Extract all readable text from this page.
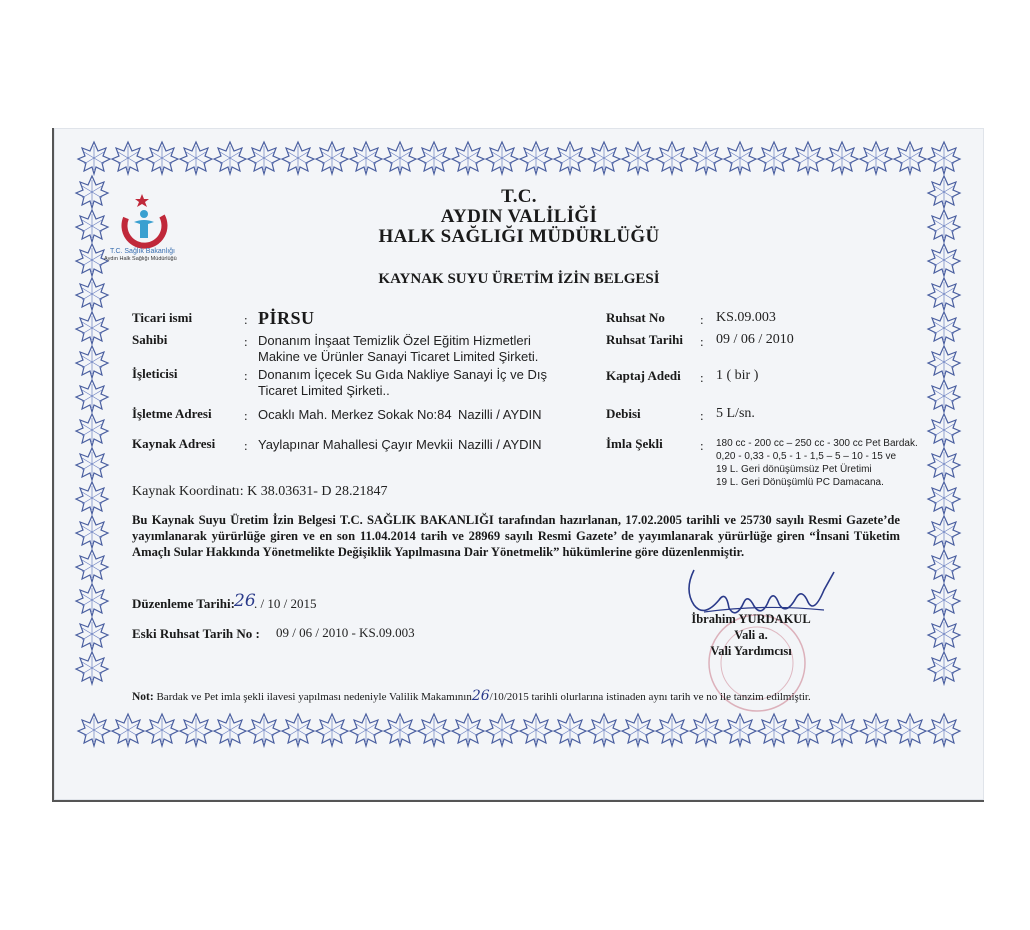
T.C. Sağlık Bakanlığı
Aydın Halk Sağlığı Müdürlüğü
T.C.
AYDIN VALİLİĞİ
HALK SAĞLIĞI MÜDÜRLÜĞÜ
KAYNAK SUYU ÜRETİM İZİN BELGESİ
Ticari ismi	: PİRSU
Sahibi	: Donanım İnşaat Temizlik Özel Eğitim Hizmetleri
Makine ve Ürünler Sanayi Ticaret Limited Şirketi.
İşleticisi	: Donanım İçecek Su Gıda Nakliye Sanayi İç ve Dış
Ticaret Limited Şirketi..
İşletme Adresi : Ocaklı Mah. Merkez Sokak No:84 Nazilli / AYDIN
Kaynak Adresi : Yaylapınar Mahallesi Çayır Mevkii Nazilli / AYDIN
Ruhsat No	: KS.09.003
Ruhsat Tarihi : 09 / 06 / 2010
Kaptaj Adedi : 1 ( bir )
Debisi	: 5 L/sn.
İmla Şekli	: 180 cc - 200 cc – 250 cc - 300 cc Pet Bardak.
0,20 - 0,33 - 0,5 - 1 - 1,5 – 5 – 10 - 15 ve
19 L. Geri dönüşümsüz Pet Üretimi
19 L. Geri Dönüşümlü PC Damacana.
Kaynak Koordinatı: K 38.03631- D 28.21847
Bu Kaynak Suyu Üretim İzin Belgesi T.C. SAĞLIK BAKANLIĞI tarafından hazırlanan, 17.02.2005 tarihli ve 25730 sayılı Resmi Gazete’de yayımlanarak yürürlüğe giren ve en son 11.04.2014 tarih ve 28969 sayılı Resmi Gazete’ de yayımlanarak yürürlüğe giren “İnsani Tüketim Amaçlı Sular Hakkında Yönetmelikte Değişiklik Yapılmasına Dair Yönetmelik” hükümlerine göre düzenlenmiştir.
Düzenleme Tarihi: 26
. / 10 / 2015
Eski Ruhsat Tarih No : 09 / 06 / 2010 - KS.09.003
İbrahim YURDAKUL
Vali a.
Vali Yardımcısı
Not: Bardak ve Pet imla şekli ilavesi yapılması nedeniyle Valilik Makamının26/10/2015 tarihli olurlarına istinaden aynı tarih ve no ile tanzim edilmiştir.
